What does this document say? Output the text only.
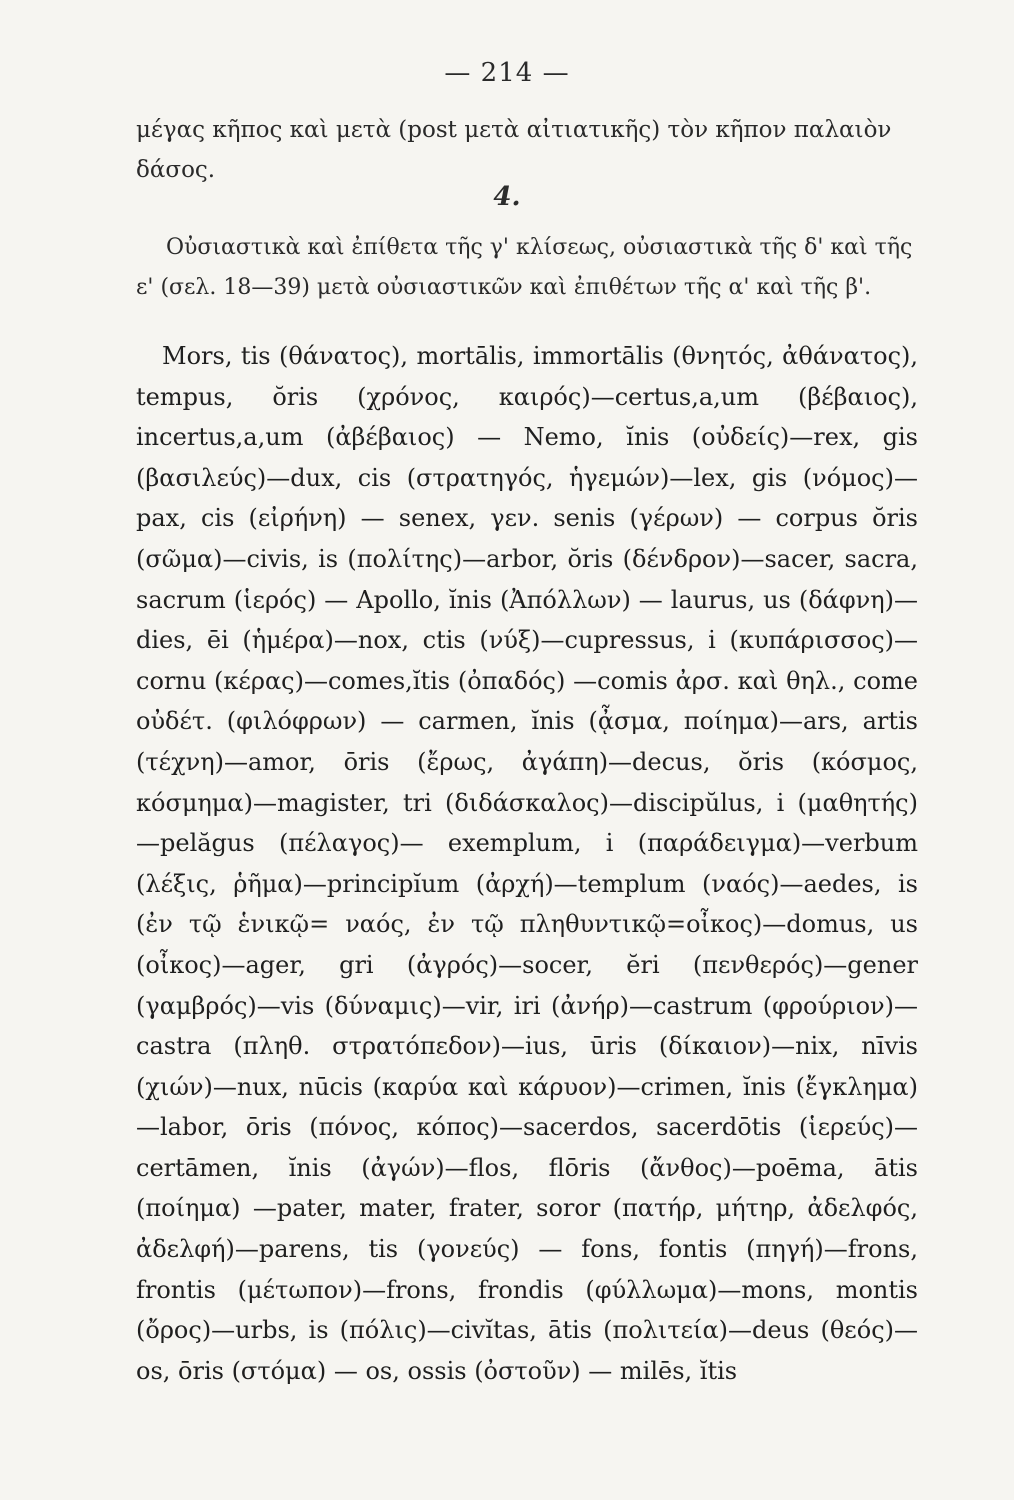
— 214 —
μέγας κῆπος καὶ μετὰ (post μετὰ αἰτιατικῆς) τὸν κῆπον παλαιὸν δάσος.
4.
Οὐσιαστικὰ καὶ ἐπίθετα τῆς γ' κλίσεως, οὐσιαστικὰ τῆς δ' καὶ τῆς ε' (σελ. 18—39) μετὰ οὐσιαστικῶν καὶ ἐπιθέτων τῆς α' καὶ τῆς β'.
Mors, tis (θάνατος), mortālis, immortālis (θνητός, ἀθάνατος), tempus, ŏris (χρόνος, καιρός)—certus,a,um (βέβαιος), incertus,a,um (ἀβέβαιος) — Nemo, ĭnis (οὐδείς)—rex, gis (βασιλεύς)—dux, cis (στρατηγός, ἡγεμών)—lex, gis (νόμος)— pax, cis (εἰρήνη) — senex, γεν. senis (γέρων) — corpus ŏris (σῶμα)—civis, is (πολίτης)—arbor, ŏris (δένδρον)—sacer, sacra, sacrum (ἱερός) — Apollo, ĭnis (Ἀπόλλων) — laurus, us (δάφνη)—dies, ēi (ἡμέρα)—nox, ctis (νύξ)—cupressus, i (κυπάρισσος)—cornu (κέρας)—comes,ĭtis (ὀπαδός) —comis ἀρσ. καὶ θηλ., come οὐδέτ. (φιλόφρων) — carmen, ĭnis (ᾆσμα, ποίημα)—ars, artis (τέχνη)—amor, ōris (ἔρως, ἀγάπη)—decus, ŏris (κόσμος, κόσμημα)—magister, tri (διδάσκαλος)—discipŭlus, i (μαθητής)—pelăgus (πέλαγος)— exemplum, i (παράδειγμα)—verbum (λέξις, ῥῆμα)—principĭum (ἀρχή)—templum (ναός)—aedes, is (ἐν τῷ ἑνικῷ= ναός, ἐν τῷ πληθυντικῷ=οἶκος)—domus, us (οἶκος)—ager, gri (ἀγρός)—socer, ĕri (πενθερός)—gener (γαμβρός)—vis (δύναμις)—vir, iri (ἀνήρ)—castrum (φρούριον)—castra (πληθ. στρατόπεδον)—ius, ūris (δίκαιον)—nix, nīvis (χιών)—nux, nūcis (καρύα καὶ κάρυον)—crimen, ĭnis (ἔγκλημα)—labor, ōris (πόνος, κόπος)—sacerdos, sacerdōtis (ἱερεύς)—certāmen, ĭnis (ἀγών)—flos, flōris (ἄνθος)—poēma, ātis (ποίημα) —pater, mater, frater, soror (πατήρ, μήτηρ, ἀδελφός, ἀδελφή)—parens, tis (γονεύς) — fons, fontis (πηγή)—frons, frontis (μέτωπον)—frons, frondis (φύλλωμα)—mons, montis (ὄρος)—urbs, is (πόλις)—civĭtas, ātis (πολιτεία)—deus (θεός)—os, ōris (στόμα) — os, ossis (ὀστοῦν) — milēs, ĭtis
